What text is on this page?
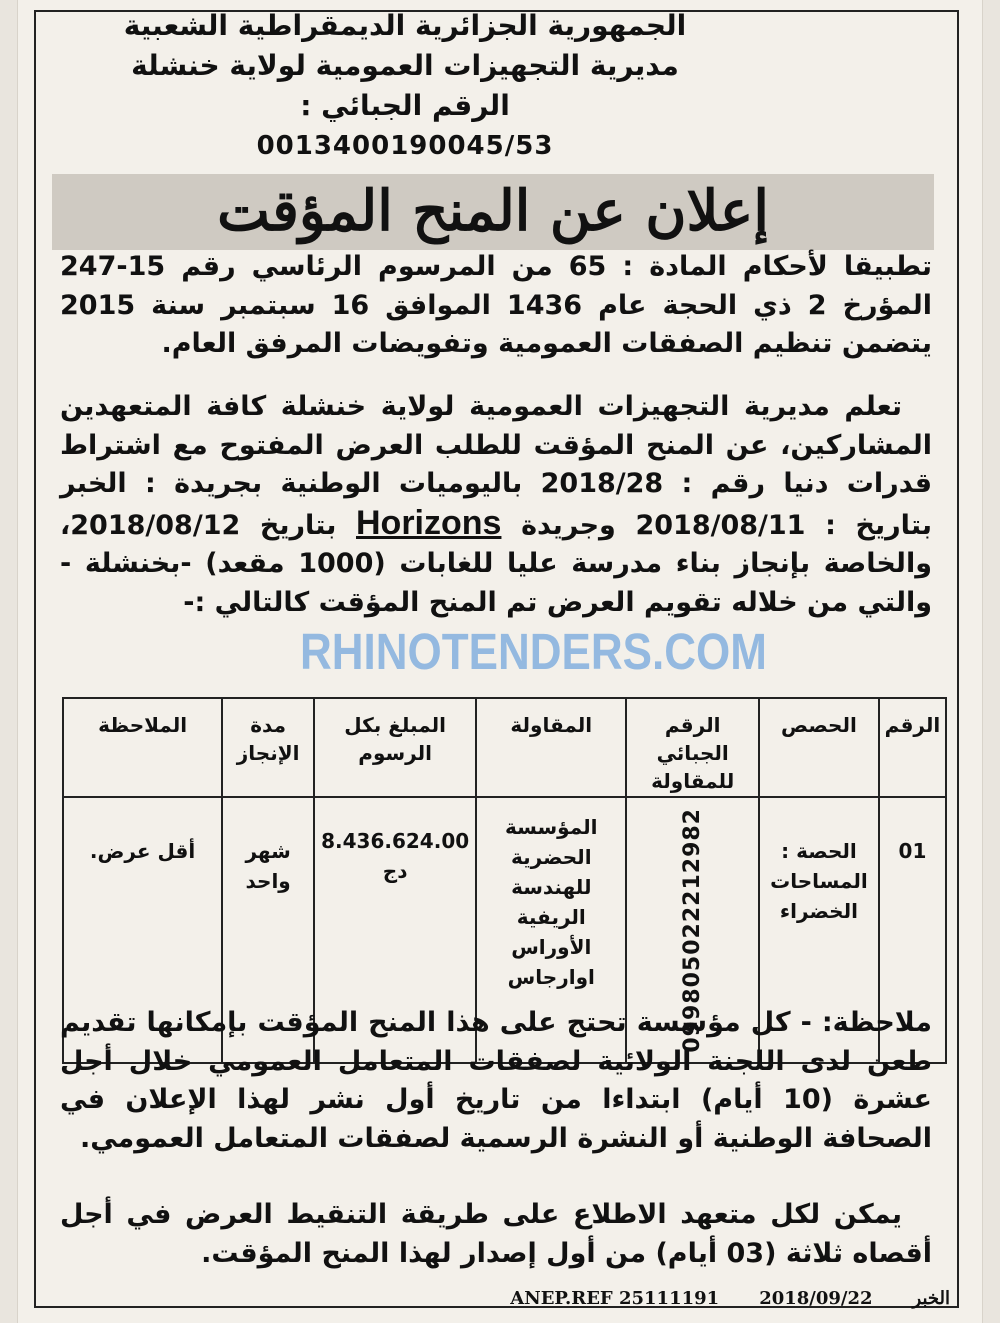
الجمهورية الجزائرية الديمقراطية الشعبية
مديرية التجهيزات العمومية لولاية خنشلة
الرقم الجبائي :
0013400190045/53
إعلان عن المنح المؤقت
تطبيقا لأحكام المادة : 65 من المرسوم الرئاسي رقم 15-247 المؤرخ 2 ذي الحجة عام 1436 الموافق 16 سبتمبر سنة 2015 يتضمن تنظيم الصفقات العمومية وتفويضات المرفق العام.
تعلم مديرية التجهيزات العمومية لولاية خنشلة كافة المتعهدين المشاركين، عن المنح المؤقت للطلب العرض المفتوح مع اشتراط قدرات دنيا رقم : 2018/28 باليوميات الوطنية بجريدة : الخبر بتاريخ : 2018/08/11 وجريدة Horizons بتاريخ 2018/08/12، والخاصة بإنجاز بناء مدرسة عليا للغابات (1000 مقعد) -بخنشلة - والتي من خلاله تقويم العرض تم المنح المؤقت كالتالي :-
RHINOTENDERS.COM
الرقم	الحصص	الرقم الجبائي للمقاولة	المقاولة	المبلغ بكل الرسوم	مدة الإنجاز	الملاحظة
01	الحصة : المساحات الخضراء	099805022212982	المؤسسة الحضرية للهندسة الريفية الأوراس اوارجاس	8.436.624.00 دج	شهر واحد	أقل عرض.
ملاحظة: - كل مؤسسة تحتج على هذا المنح المؤقت بإمكانها تقديم طعن لدى اللجنة الولائية لصفقات المتعامل العمومي خلال أجل عشرة (10 أيام) ابتداءا من تاريخ أول نشر لهذا الإعلان في الصحافة الوطنية أو النشرة الرسمية لصفقات المتعامل العمومي.
يمكن لكل متعهد الاطلاع على طريقة التنقيط العرض في أجل أقصاه ثلاثة (03 أيام) من أول إصدار لهذا المنح المؤقت.
الخبر
2018/09/22
ANEP.REF 25111191
